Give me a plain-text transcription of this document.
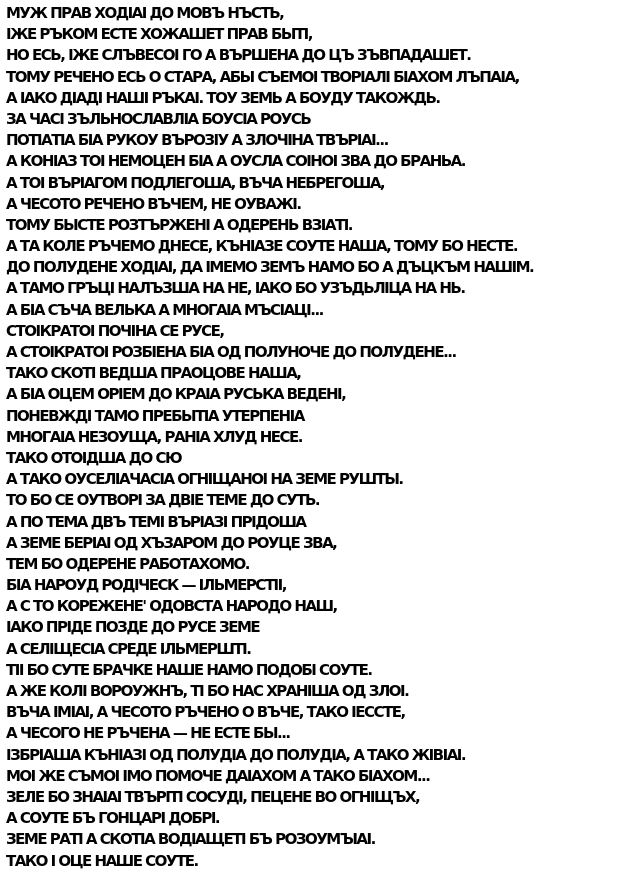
МУЖ ПРАВ ХОДІАІ ДО МОВЪ НЪСТЬ,
ІЖЕ РЪКОМ ЕСТЕ ХОЖАШЕТ ПРАВ БЫТІ,
НО ЕСЬ, ІЖЕ СЛЪВЕСОІ ГО А ВЪРШЕНА ДО ЦЪ ЗЪВПАДАШЕТ.
ТОМУ РЕЧЕНО ЕСЬ О СТАРА, АБЫ СЪЕМОІ ТВОРІАЛІ БІАХОМ ЛЪПАІА,
А ІАКО ДІАДІ НАШІ РЪКАІ. ТОУ ЗЕМЬ А БОУДУ ТАКОЖДЬ.
ЗА ЧАСІ ЗЪЛЬНОСЛАВЛІА БОУСІА РОУСЬ
ПОТІАТІА БІА РУКОУ ВЪРОЗІУ А ЗЛОЧІНА ТВЪРІАІ...
А КОНІАЗ ТОІ НЕМОЦЕН БІА А ОУСЛА СОІНОІ ЗВА ДО БРАНЬА.
А ТОІ ВЪРІАГОМ ПОДЛЕГОША, ВЪЧА НЕБРЕГОША,
А ЧЕСОТО РЕЧЕНО ВЪЧЕМ, НЕ ОУВАЖІ.
ТОМУ БЫСТЕ РОЗТЪРЖЕНІ А ОДЕРЕНЬ ВЗІАТІ.
А ТА КОЛЕ РЪЧЕМО ДНЕСЕ, КЪНІАЗЕ СОУТЕ НАША, ТОМУ БО НЕСТЕ.
ДО ПОЛУДЕНЕ ХОДІАІ, ДА ІМЕМО ЗЕМЪ НАМО БО А ДЪЦКЪМ НАШІМ.
А ТАМО ГРЪЦІ НАЛЪЗША НА НЕ, ІАКО БО УЗЪДЬЛІЦА НА НЬ.
А БІА СЪЧА ВЕЛЬКА А МНОГАІА МЪСІАЦІ...
СТОІКРАТОІ ПОЧІНА СЕ РУСЕ,
А СТОІКРАТОІ РОЗБІЕНА БІА ОД ПОЛУНОЧЕ ДО ПОЛУДЕНЕ...
ТАКО СКОТІ ВЕДША ПРАОЦОВЕ НАША,
А БІА ОЦЕМ ОРІЕМ ДО КРАІА РУСЬКА ВЕДЕНІ,
ПОНЕВЖДІ ТАМО ПРЕБЫТІА УТЕРПЕНІА
МНОГАІА НЕЗОУЩА, РАНІА ХЛУД НЕСЕ.
ТАКО ОТОІДША ДО СЮ
А ТАКО ОУСЕЛІАЧАСІА ОГНІЩАНОІ НА ЗЕМЕ РУШТЫ.
ТО БО СЕ ОУТВОРІ ЗА ДВІЕ ТЕМЕ ДО СУТЬ.
А ПО ТЕМА ДВЪ ТЕМІ ВЪРІАЗІ ПРІДОША
А ЗЕМЕ БЕРІАІ ОД ХЪЗАРОМ ДО РОУЦЕ ЗВА,
ТЕМ БО ОДЕРЕНЕ РАБОТАХОМО.
БІА НАРОУД РОДІЧЕСК — ІЛЬМЕРСТІІ,
А С ТО КОРЕЖЕНЕ' ОДОВСТА НАРОДО НАШ,
ІАКО ПРІДЕ ПОЗДЕ ДО РУСЕ ЗЕМЕ
А СЕЛІЩЕСІА СРЕДЕ ІЛЬМЕРШТІ.
ТІІ БО СУТЕ БРАЧКЕ НАШЕ НАМО ПОДОБІ СОУТЕ.
А ЖЕ КОЛІ ВОРОУЖНЪ, ТІ БО НАС ХРАНІША ОД ЗЛОІ.
ВЪЧА ІМІАІ, А ЧЕСОТО РЪЧЕНО О ВЪЧЕ, ТАКО ІЕССТЕ,
А ЧЕСОГО НЕ РЪЧЕНА — НЕ ЕСТЕ БЫ...
ІЗБРІАША КЪНІАЗІ ОД ПОЛУДІА ДО ПОЛУДІА, А ТАКО ЖІВІАІ.
МОІ ЖЕ СЪМОІ ІМО ПОМОЧЕ ДАІАХОМ А ТАКО БІАХОМ...
ЗЕЛЕ БО ЗНАІАІ ТВЪРІТІ СОСУДІ, ПЕЦЕНЕ ВО ОГНІЩЪХ,
А СОУТЕ БЪ ГОНЦАРІ ДОБРІ.
ЗЕМЕ РАТІ А СКОТІА ВОДІАЩЕТІ БЪ РОЗОУМЪІАІ.
ТАКО І ОЦЕ НАШЕ СОУТЕ.
